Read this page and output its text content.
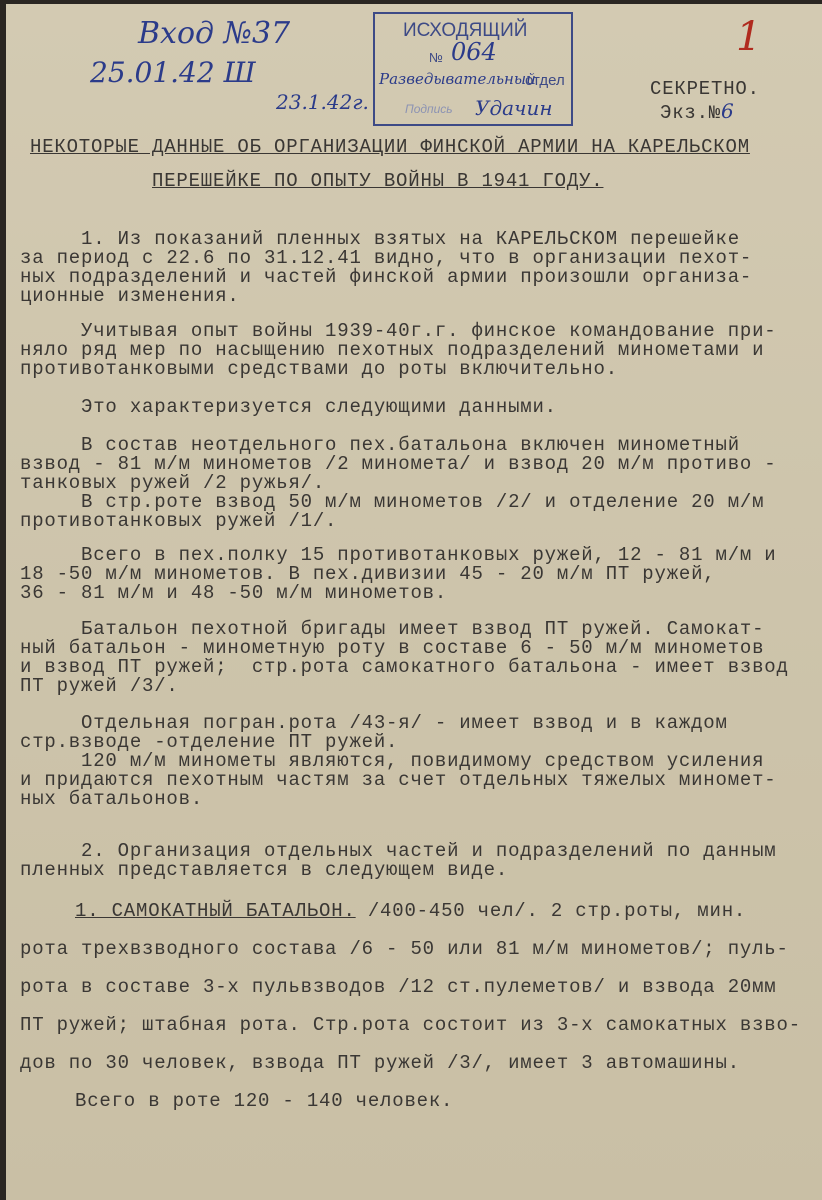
Вход №37
25.01.42 Ш
ИСХОДЯЩИЙ
№ 064
Разведывательный
отдел
Подпись Удачин
23.1.42г.
1
СЕКРЕТНО.
Экз.№6
НЕКОТОРЫЕ ДАННЫЕ ОБ ОРГАНИЗАЦИИ ФИНСКОЙ АРМИИ НА КАРЕЛЬСКОМ
ПЕРЕШЕЙКЕ ПО ОПЫТУ ВОЙНЫ В 1941 ГОДУ.
1. Из показаний пленных взятых на КАРЕЛЬСКОМ перешейке
за период с 22.6 по 31.12.41 видно, что в организации пехот-
ных подразделений и частей финской армии произошли организа-
ционные изменения.
Учитывая опыт войны 1939-40г.г. финское командование при-
няло ряд мер по насыщению пехотных подразделений минометами и
противотанковыми средствами до роты включительно.
Это характеризуется следующими данными.
В состав неотдельного пех.батальона включен минометный
взвод - 81 м/м минометов /2 миномета/ и взвод 20 м/м противо -
танковых ружей /2 ружья/.
В стр.роте взвод 50 м/м минометов /2/ и отделение 20 м/м
противотанковых ружей /1/.
Всего в пех.полку 15 противотанковых ружей, 12 - 81 м/м и
18 -50 м/м минометов. В пех.дивизии 45 - 20 м/м ПТ ружей,
36 - 81 м/м и 48 -50 м/м минометов.
Батальон пехотной бригады имеет взвод ПТ ружей. Самокат-
ный батальон - минометную роту в составе 6 - 50 м/м минометов
и взвод ПТ ружей;  стр.рота самокатного батальона - имеет взвод
ПТ ружей /3/.
Отдельная погран.рота /43-я/ - имеет взвод и в каждом
стр.взводе -отделение ПТ ружей.
120 м/м минометы являются, повидимому средством усиления
и придаются пехотным частям за счет отдельных тяжелых миномет-
ных батальонов.
2. Организация отдельных частей и подразделений по данным
пленных представляется в следующем виде.
1. САМОКАТНЫЙ БАТАЛЬОН. /400-450 чел/. 2 стр.роты, мин.
рота трехвзводного состава /6 - 50 или 81 м/м минометов/; пуль-
рота в составе 3-х пульвзводов /12 ст.пулеметов/ и взвода 20мм
ПТ ружей; штабная рота. Стр.рота состоит из 3-х самокатных взво-
дов по 30 человек, взвода ПТ ружей /3/, имеет 3 автомашины.
Всего в роте 120 - 140 человек.
